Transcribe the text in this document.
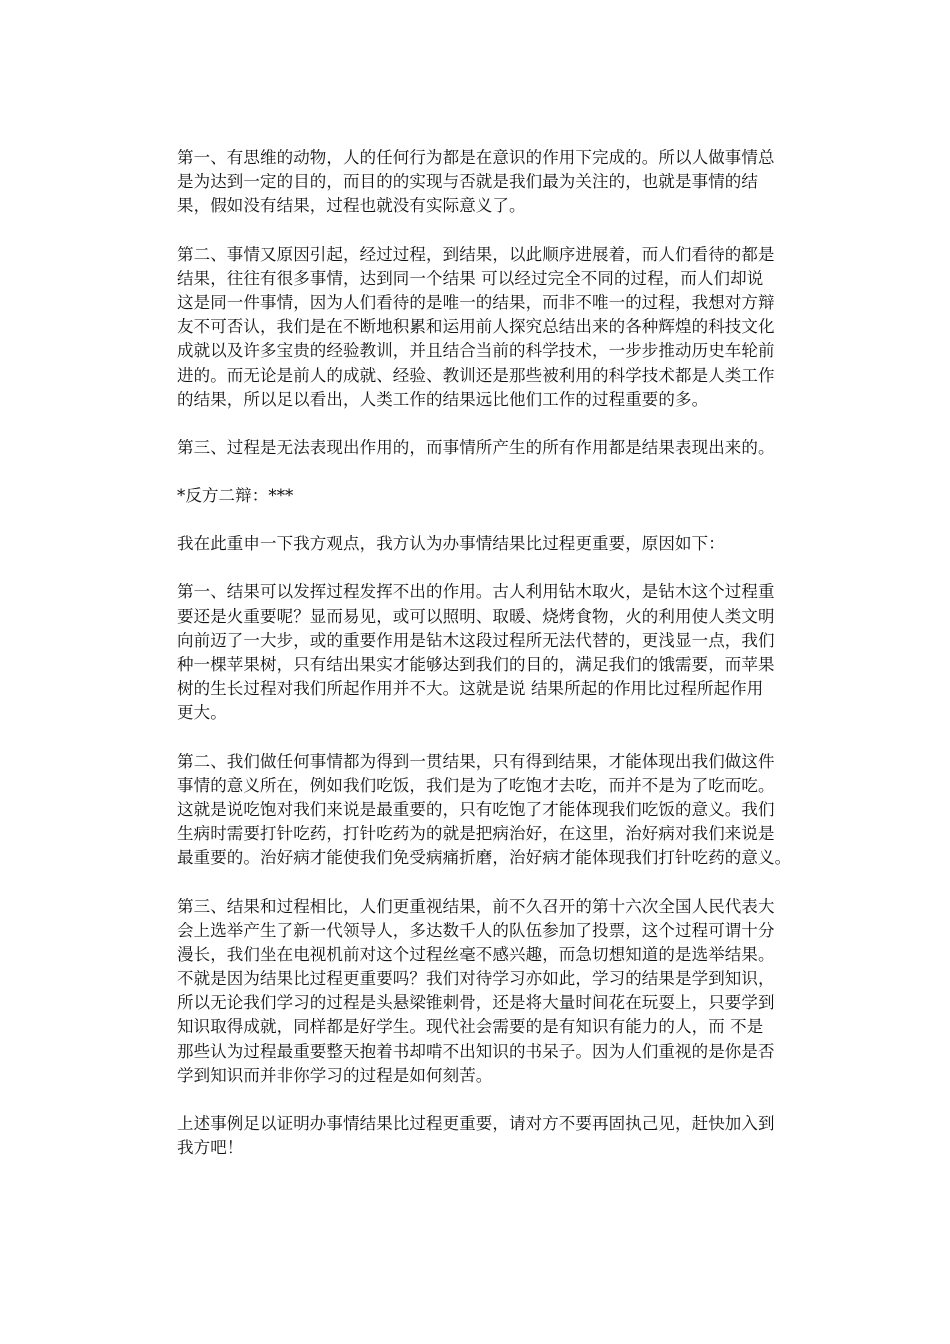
第一、有思维的动物，人的任何行为都是在意识的作用下完成的。所以人做事情总
是为达到一定的目的，而目的的实现与否就是我们最为关注的，也就是事情的结
果，假如没有结果，过程也就没有实际意义了。

第二、事情又原因引起，经过过程，到结果，以此顺序进展着，而人们看待的都是
结果，往往有很多事情，达到同一个结果 可以经过完全不同的过程，而人们却说
这是同一件事情，因为人们看待的是唯一的结果，而非不唯一的过程，我想对方辩
友不可否认，我们是在不断地积累和运用前人探究总结出来的各种辉煌的科技文化
成就以及许多宝贵的经验教训，并且结合当前的科学技术，一步步推动历史车轮前
进的。而无论是前人的成就、经验、教训还是那些被利用的科学技术都是人类工作
的结果，所以足以看出，人类工作的结果远比他们工作的过程重要的多。

第三、过程是无法表现出作用的，而事情所产生的所有作用都是结果表现出来的。

*反方二辩：***

我在此重申一下我方观点，我方认为办事情结果比过程更重要，原因如下：

第一、结果可以发挥过程发挥不出的作用。古人利用钻木取火，是钻木这个过程重
要还是火重要呢？显而易见，或可以照明、取暖、烧烤食物，火的利用使人类文明
向前迈了一大步，或的重要作用是钻木这段过程所无法代替的，更浅显一点，我们
种一棵苹果树，只有结出果实才能够达到我们的目的，满足我们的饿需要，而苹果
树的生长过程对我们所起作用并不大。这就是说 结果所起的作用比过程所起作用
更大。

第二、我们做任何事情都为得到一贯结果，只有得到结果，才能体现出我们做这件
事情的意义所在，例如我们吃饭，我们是为了吃饱才去吃，而并不是为了吃而吃。
这就是说吃饱对我们来说是最重要的，只有吃饱了才能体现我们吃饭的意义。我们
生病时需要打针吃药，打针吃药为的就是把病治好，在这里，治好病对我们来说是
最重要的。治好病才能使我们免受病痛折磨，治好病才能体现我们打针吃药的意义。

第三、结果和过程相比，人们更重视结果，前不久召开的第十六次全国人民代表大
会上选举产生了新一代领导人，多达数千人的队伍参加了投票，这个过程可谓十分
漫长，我们坐在电视机前对这个过程丝毫不感兴趣，而急切想知道的是选举结果。
不就是因为结果比过程更重要吗？我们对待学习亦如此，学习的结果是学到知识，
所以无论我们学习的过程是头悬梁锥刺骨，还是将大量时间花在玩耍上，只要学到
知识取得成就，同样都是好学生。现代社会需要的是有知识有能力的人，而 不是
那些认为过程最重要整天抱着书却啃不出知识的书呆子。因为人们重视的是你是否
学到知识而并非你学习的过程是如何刻苦。

上述事例足以证明办事情结果比过程更重要，请对方不要再固执己见，赶快加入到
我方吧！
